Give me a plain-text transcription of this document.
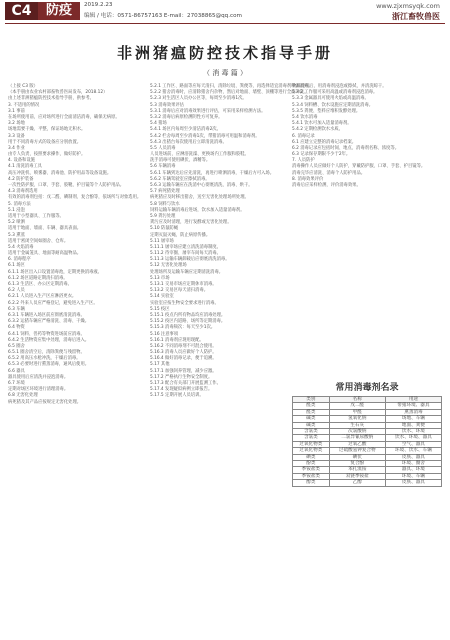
C4	防疫	2019.2.23
编辑 / 电话：0571-86757163 E-mail：27038865@qq.com
www.zjxmsyqk.com
浙江畜牧兽医
非洲猪瘟防控技术指导手册
（ 消 毒 篇 ）

（上接 C3 版）

（本手册由农业农村部畜牧兽医局发布，2018.12）

由上述非洲猪瘟防控技术指导手册，供参考。

3. 不适用的情况

3.1 事前

在场所使用前，应对场所进行全面清洁消毒，确保无病原。

3.2 场地

场地需要干燥、平整，保证场地无积水。

3.3 设备

用于不同消毒方式的设备应分别放置。

3.4 作业

由专人负责，按照要求操作，做好防护。

4. 设备和设施

4.1 清洗消毒工具

高压冲洗机、喷雾器、消毒池、防护用品等设备设施。

4.2 防护装备

一次性防护服、口罩、手套、胶靴、护目镜等个人防护用品。

4.3 消毒剂选用

有效的消毒剂包括：戊二醛、碘制剂、复合酚等，依场所与对象选用。

5. 消毒方法

5.1 浸泡

适用于小型器具、工作服等。

5.2 喷洒

适用于地面、墙面、车辆、器具表面。

5.3 熏蒸

适用于密闭空间如圈舍、仓库。

5.4 火焰消毒

适用于金属笼具、地面等耐高温物品。

6. 消毒程序

6.1 场区

6.1.1 场区出入口设置消毒池，定期更换消毒液。

6.1.2 场区道路定期清扫消毒。

6.1.3 生活区、办公区定期消毒。

6.2 人员

6.2.1 人员进入生产区应淋浴更衣。

6.2.2 外来人员应严格登记，避免进入生产区。

6.3 车辆

6.3.1 车辆进入场区前应彻底清洗消毒。

6.3.2 运猪车辆应严格清洗、消毒、干燥。

6.4 物资

6.4.1 饲料、兽药等物资进场前应消毒。

6.4.2 生活物资应集中处理，消毒后进入。

6.5 圈舍

6.5.1 圈舍清空后，清除粪便与残留物。

6.5.2 用高压水枪冲洗，干燥后消毒。

6.5.3 必要时进行熏蒸消毒，通风后使用。

6.6 器具

器具使用后应清洗并浸泡消毒。

6.7 环境

定期对场区环境进行清理消毒。

6.8 无害化处理

病死猪及其产品应按规定无害化处理。

5.2.1 工作区、路面等应每天清扫，清除垃圾、粪便等，再选择适宜消毒剂喷洒消毒。

5.2.2 猪舍消毒时，应清除猪舍内杂物，然后对地面、墙壁、顶棚等进行全面冲洗。

5.2.3 对生活区人员办公区等，每周至少消毒1次。

5.3 消毒效果评估

5.3.1 消毒后应对消毒效果进行评估，可采用采样检测方法。

5.3.2 消毒后病原检测阴性方可复养。

5.4 猪场

5.4.1 场区内每周至少清洁消毒2次。

5.4.2 栏舍每周至少消毒1次，带猪消毒可用温和消毒剂。

5.4.3 出猪台每次使用后立即清洗消毒。

5.5 人员消毒

人员进场前，应淋浴洗澡、更换场内工作服和胶鞋。

洗手消毒可使用碘伏、酒精等。

5.6 车辆消毒

5.6.1 车辆到达后应先清洗，再进行喷洒消毒，干燥后方可入场。

5.6.2 车辆驾驶室应擦拭消毒。

5.6.3 运输车辆应在洗消中心彻底清洗、消毒、烘干。

5.7 病死猪处理

病死猪应及时移出猪舍，送至无害化处理场所处理。

5.8 饲料与饮水

饲料运输车辆消毒后进场，饮水加入适量消毒剂。

5.9 粪污处理

粪污应及时清理，进行发酵或无害化处理。

5.10 防鼠防蝇

定期灭鼠灭蝇，防止病原传播。

5.11 屠宰场

5.11.1 屠宰场应建立清洗消毒制度。

5.11.2 待宰圈、屠宰车间每天消毒。

5.11.3 运输车辆卸载后应彻底清洗消毒。

5.12 无害化处理场

处理场所及运输车辆应定期清洗消毒。

5.13 市场

5.13.1 交易市场应定期休市消毒。

5.13.2 交易区每天清扫消毒。

5.14 实验室

实验室应按生物安全要求进行消毒。

5.15 疫区

5.15.1 疫点内所有物品均应消毒处理。

5.15.2 疫区内道路、场所等定期消毒。

5.15.3 消毒频次：每天至少1次。

5.16 注意事项

5.16.1 消毒剂应现用现配。

5.16.2 不同消毒剂不可混合使用。

5.16.3 消毒人员应做好个人防护。

5.16.4 做好消毒记录，便于追溯。

5.17 其他

5.17.1 加强饲养管理，减少应激。

5.17.2 严格执行生物安全制度。

5.17.3 配合有关部门开展监测工作。

5.17.4 发现疑似病例立即报告。

5.17.5 定期开展人员培训。

物品使用后，用消毒剂浸泡或擦拭，并清洗晾干。

5.3.2 工作服可采用高温或消毒剂浸泡消毒。

5.3.3 金属器具可使用火焰或高温消毒。

5.3.4 饲料槽、饮水设施应定期清洗消毒。

5.3.5 粪便、垫料应堆积发酵处理。

5.4 饮水消毒

5.4.1 饮水可加入适量消毒剂。

5.4.2 定期检测饮水水质。

6. 消毒记录

6.1 应建立完整的消毒记录档案。

6.2 消毒记录应包括时间、地点、消毒剂名称、浓度等。

6.3 记录保存期限不少于2年。

7. 人员防护

消毒操作人员应做好个人防护，穿戴防护服、口罩、手套、护目镜等。

消毒完毕应清洗、消毒个人防护用品。

8. 消毒效果评价

消毒后应采样检测，评价消毒效果。

常用消毒剂名录
类别	名称	用途
醛类	戊二醛	带猪环境、器具
醛类	甲醛	熏蒸消毒
碱类	氢氧化钠	场地、车辆
碱类	生石灰	地面、粪便
含氯类	次氯酸钠	饮水、环境
含氯类	二氯异氰尿酸钠	饮水、环境、器具
过氧化物类	过氧乙酸	空气、器具
过氧化物类	过硫酸氢钾复合物	环境、饮水、车辆
碘类	碘伏	皮肤、器具
酚类	复合酚	环境、圈舍
季铵盐类	苯扎溴铵	器具、环境
季铵盐类	双链季铵盐	环境、车辆
醇类	乙醇	皮肤、器具
